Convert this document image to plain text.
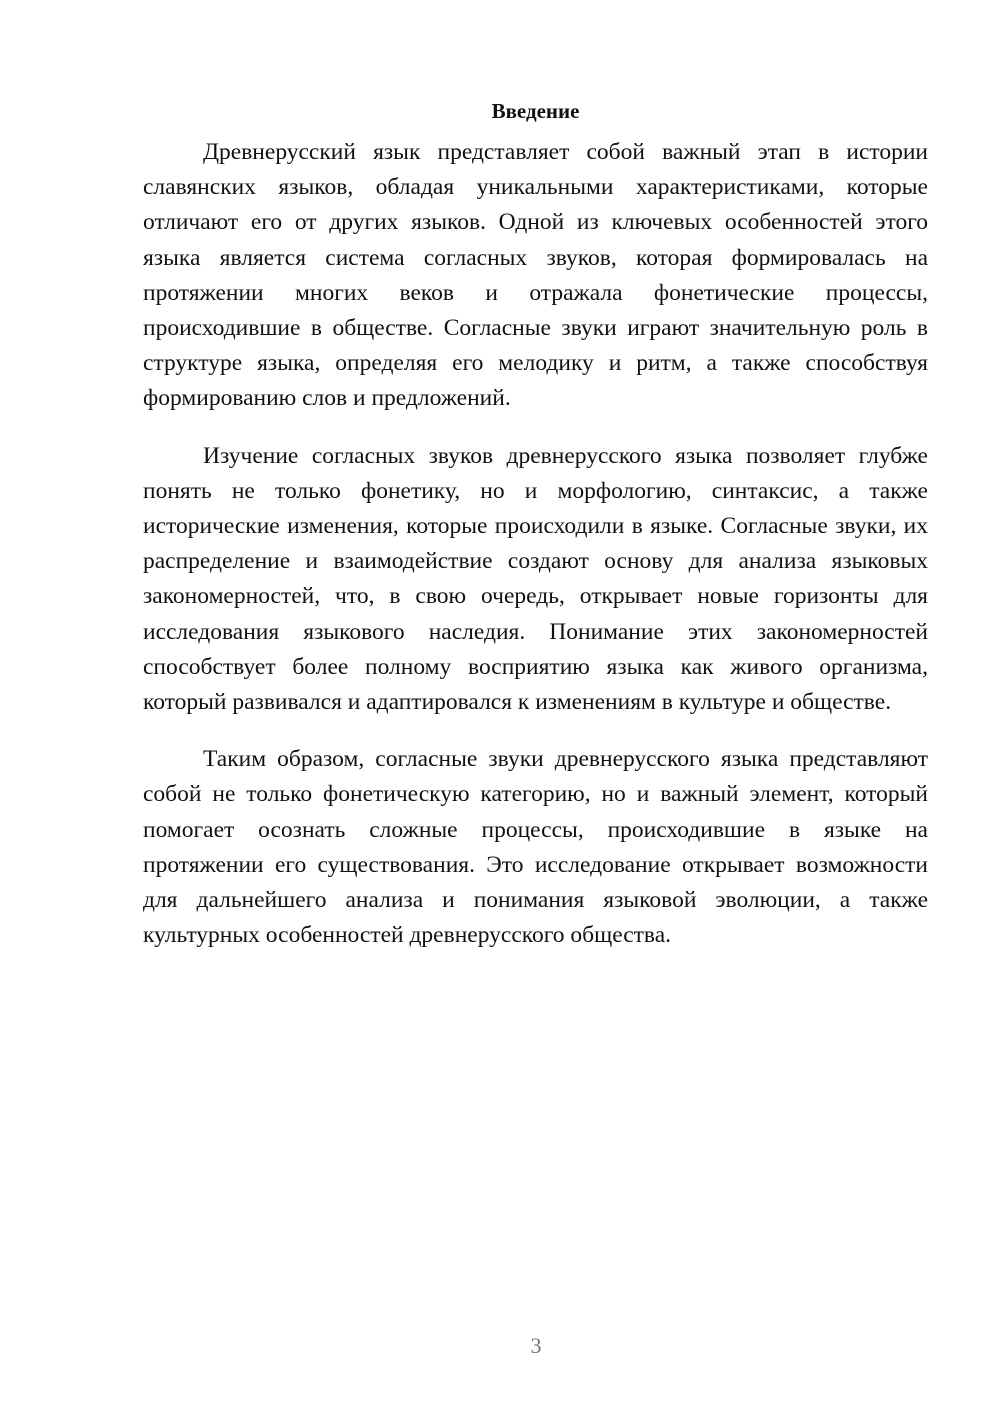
Введение

Древнерусский язык представляет собой важный этап в истории славянских языков, обладая уникальными характеристиками, которые отличают его от других языков. Одной из ключевых особенностей этого языка является система согласных звуков, которая формировалась на протяжении многих веков и отражала фонетические процессы, происходившие в обществе. Согласные звуки играют значительную роль в структуре языка, определяя его мелодику и ритм, а также способствуя формированию слов и предложений.

Изучение согласных звуков древнерусского языка позволяет глубже понять не только фонетику, но и морфологию, синтаксис, а также исторические изменения, которые происходили в языке. Согласные звуки, их распределение и взаимодействие создают основу для анализа языковых закономерностей, что, в свою очередь, открывает новые горизонты для исследования языкового наследия. Понимание этих закономерностей способствует более полному восприятию языка как живого организма, который развивался и адаптировался к изменениям в культуре и обществе.

Таким образом, согласные звуки древнерусского языка представляют собой не только фонетическую категорию, но и важный элемент, который помогает осознать сложные процессы, происходившие в языке на протяжении его существования. Это исследование открывает возможности для дальнейшего анализа и понимания языковой эволюции, а также культурных особенностей древнерусского общества.

3
